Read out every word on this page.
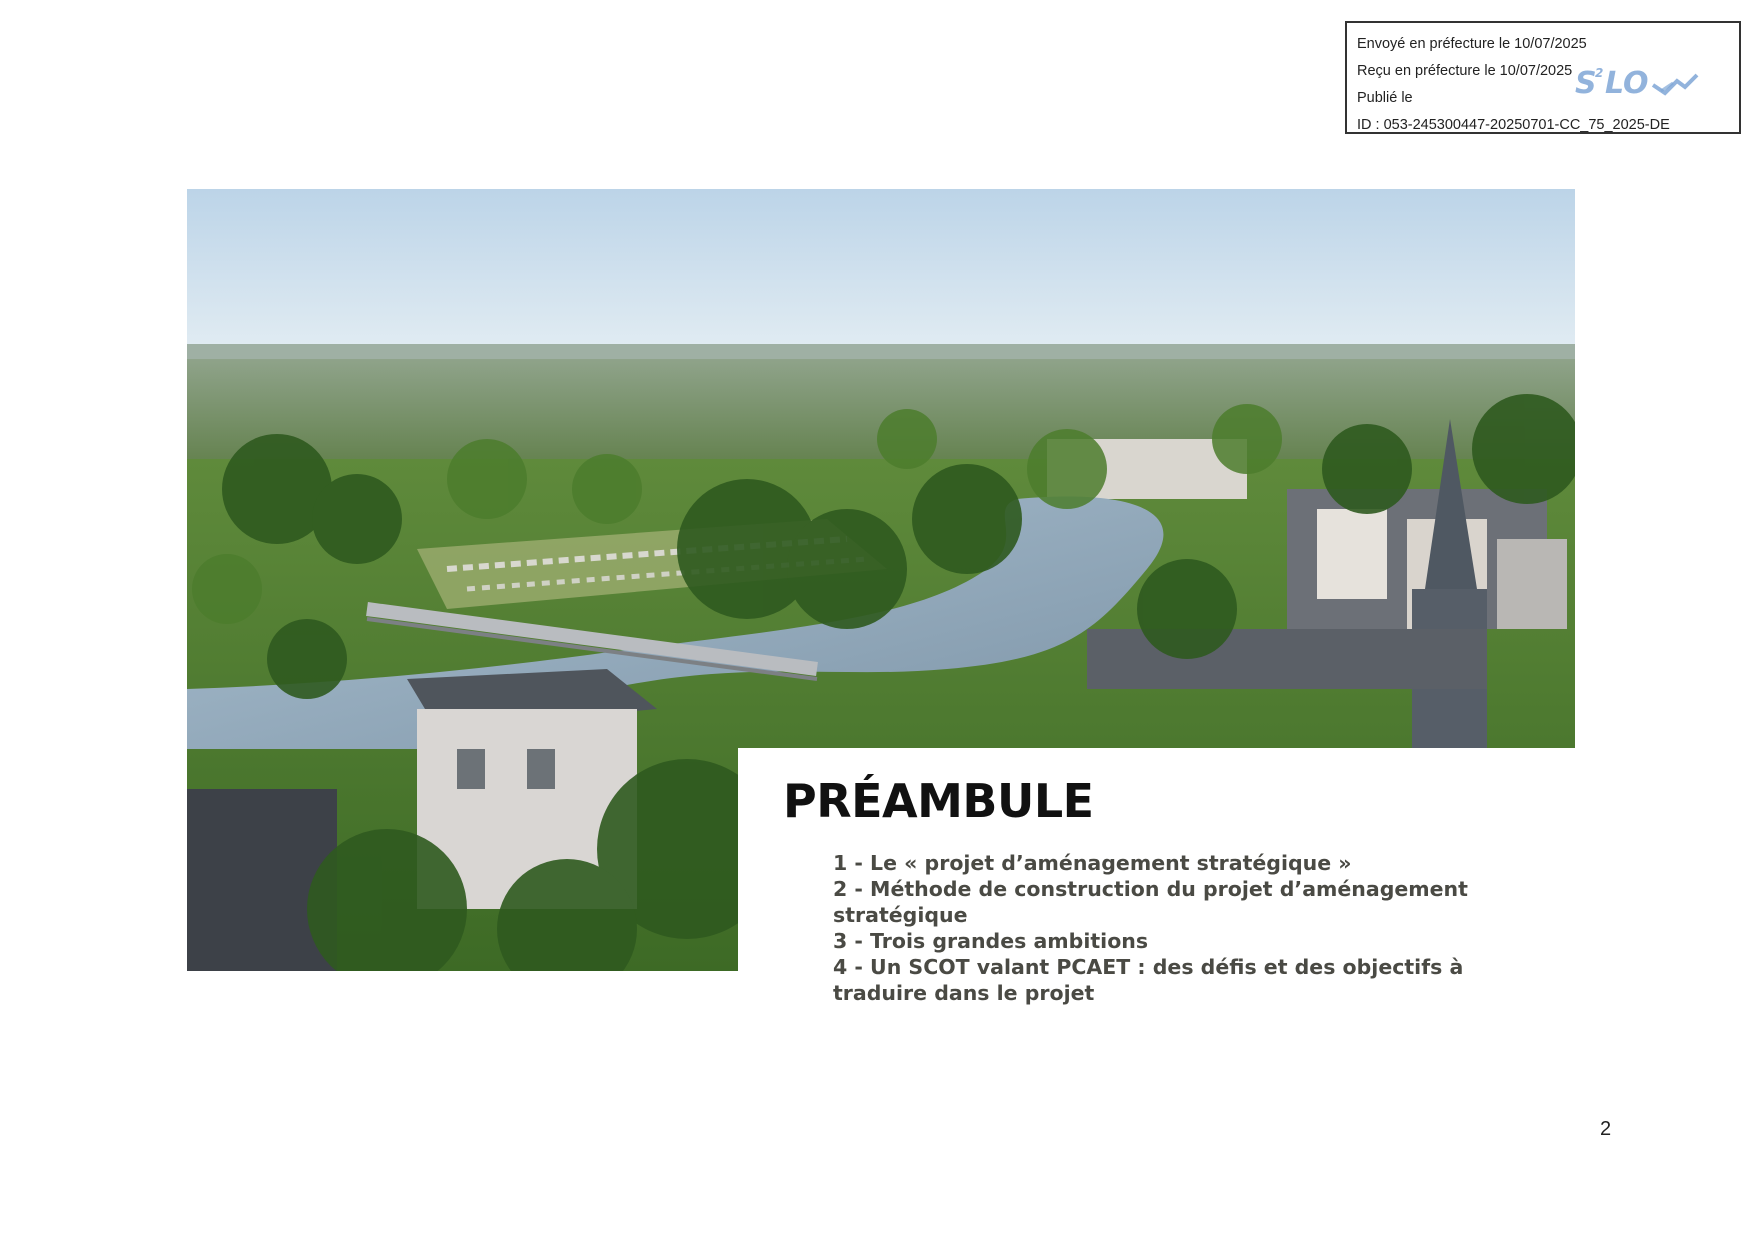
Envoyé en préfecture le 10/07/2025
Reçu en préfecture le 10/07/2025
Publié le
ID : 053-245300447-20250701-CC_75_2025-DE
S
2 LO
PRÉAMBULE
1 - Le « projet d’aménagement stratégique »
2 - Méthode de construction du projet d’aménagement stratégique
3 - Trois grandes ambitions
4 - Un SCOT valant PCAET : des défis et des objectifs à traduire dans le projet
2
